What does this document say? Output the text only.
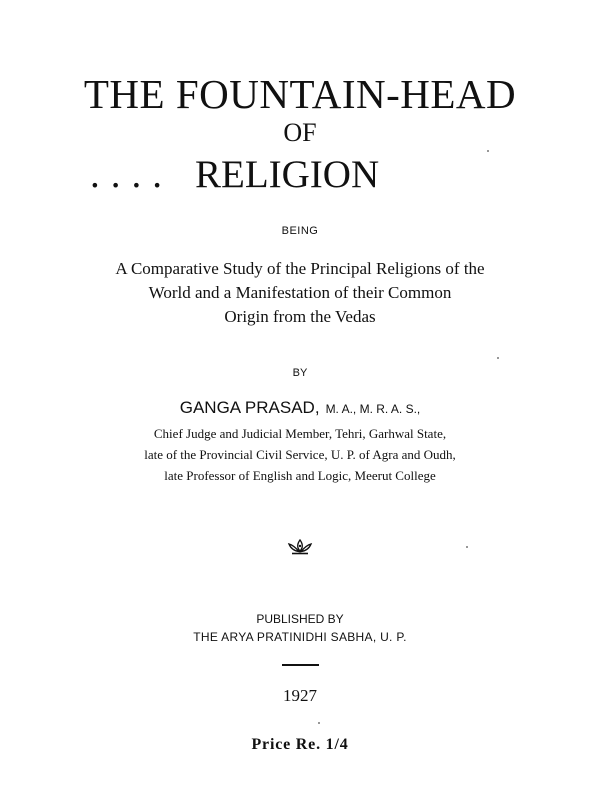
THE FOUNTAIN-HEAD
OF
.... RELIGION
BEING
A Comparative Study of the Principal Religions of the
World and a Manifestation of their Common
Origin from the Vedas
BY
GANGA PRASAD, M. A., M. R. A. S.,
Chief Judge and Judicial Member, Tehri, Garhwal State,
late of the Provincial Civil Service, U. P. of Agra and Oudh,
late Professor of English and Logic, Meerut College
PUBLISHED BY
THE ARYA PRATINIDHI SABHA, U. P.
1927
Price Re. 1/4
